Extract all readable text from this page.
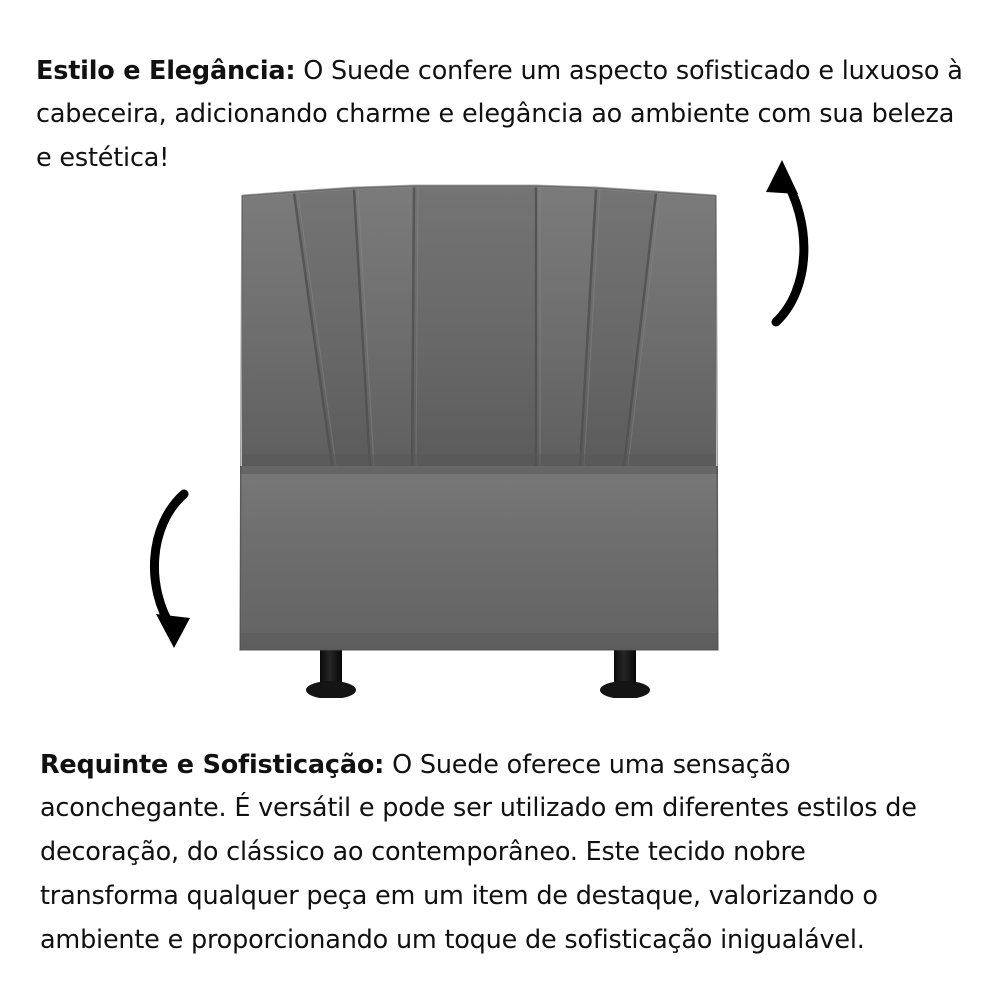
Estilo e Elegância: O Suede confere um aspecto sofisticado e luxuoso à cabeceira, adicionando charme e elegância ao ambiente com sua beleza e estética!

Requinte e Sofisticação: O Suede oferece uma sensação aconchegante. É versátil e pode ser utilizado em diferentes estilos de decoração, do clássico ao contemporâneo. Este tecido nobre transforma qualquer peça em um item de destaque, valorizando o ambiente e proporcionando um toque de sofisticação inigualável.
